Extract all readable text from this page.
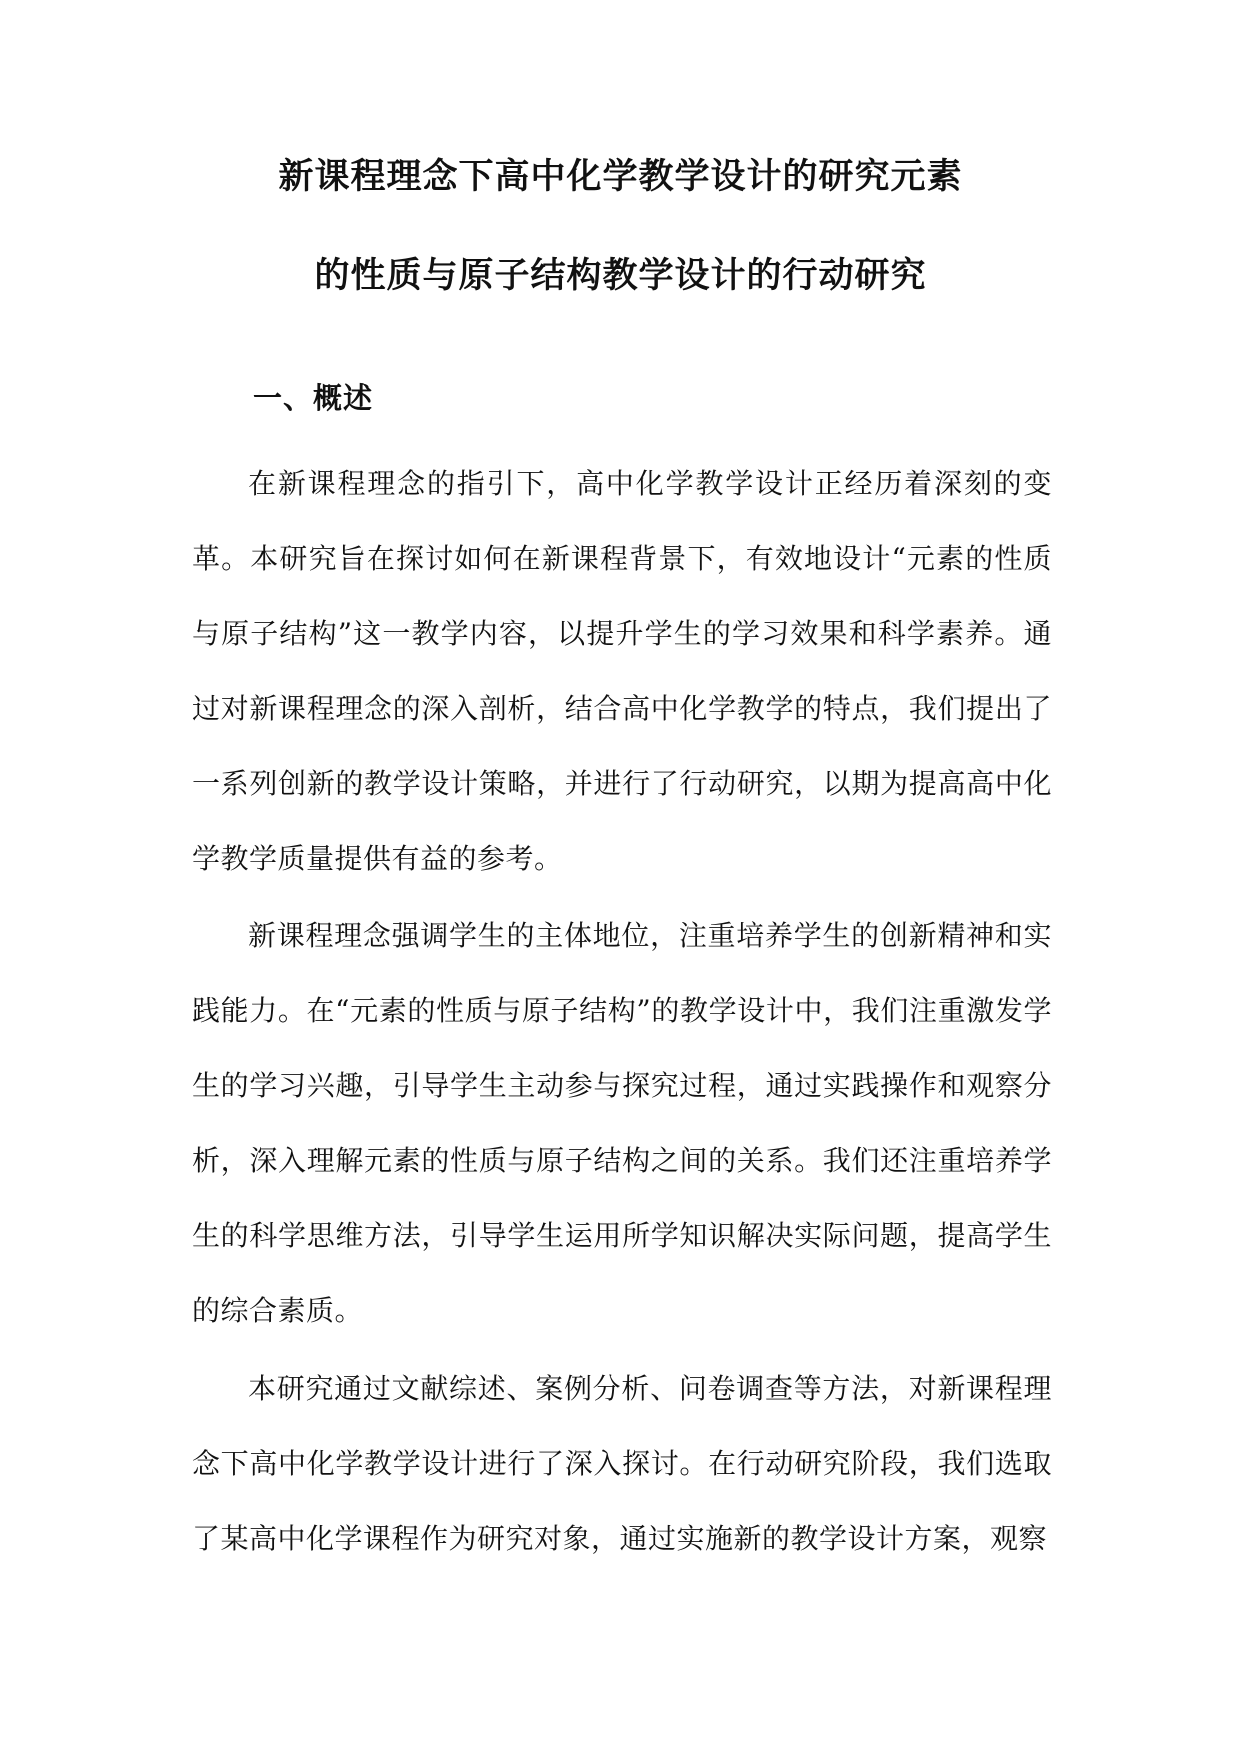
新课程理念下高中化学教学设计的研究元素
的性质与原子结构教学设计的行动研究
一、概述

在新课程理念的指引下，高中化学教学设计正经历着深刻的变革。本研究旨在探讨如何在新课程背景下，有效地设计“元素的性质与原子结构”这一教学内容，以提升学生的学习效果和科学素养。通过对新课程理念的深入剖析，结合高中化学教学的特点，我们提出了一系列创新的教学设计策略，并进行了行动研究，以期为提高高中化学教学质量提供有益的参考。

新课程理念强调学生的主体地位，注重培养学生的创新精神和实践能力。在“元素的性质与原子结构”的教学设计中，我们注重激发学生的学习兴趣，引导学生主动参与探究过程，通过实践操作和观察分析，深入理解元素的性质与原子结构之间的关系。我们还注重培养学生的科学思维方法，引导学生运用所学知识解决实际问题，提高学生的综合素质。

本研究通过文献综述、案例分析、问卷调查等方法，对新课程理念下高中化学教学设计进行了深入探讨。在行动研究阶段，我们选取了某高中化学课程作为研究对象，通过实施新的教学设计方案，观察
